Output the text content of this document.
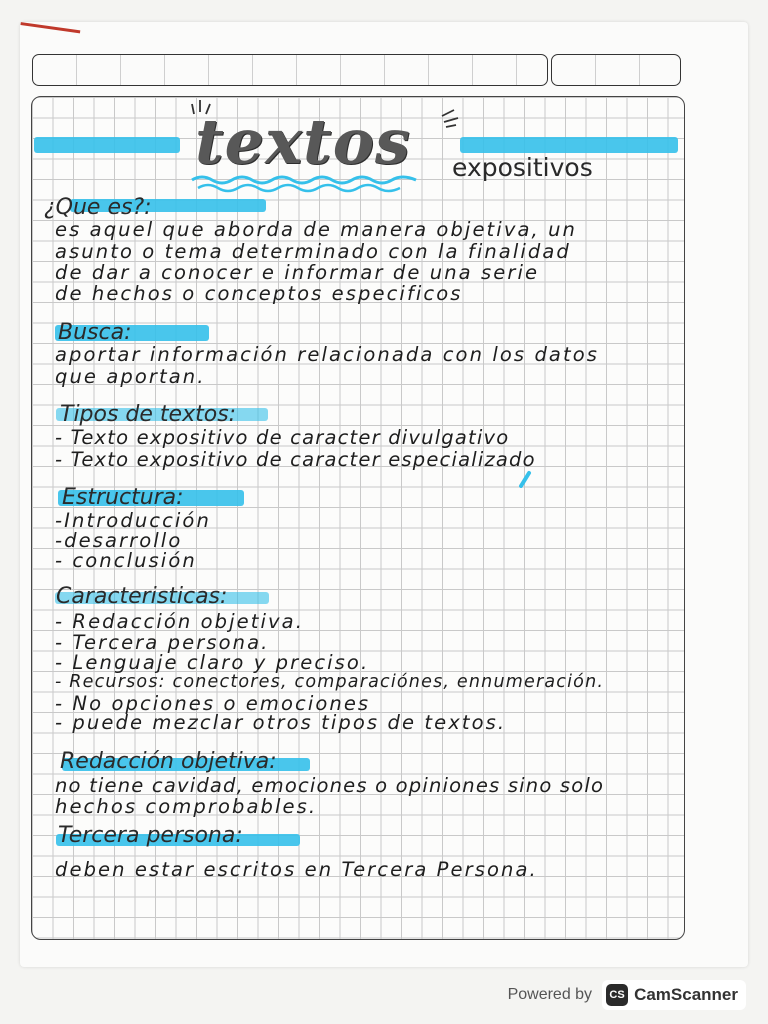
textos expositivos
¿Que es?:
es aquel que aborda de manera objetiva, un
asunto o tema determinado con la finalidad
de dar a conocer e informar de una serie
de hechos o conceptos especificos
Busca:
aportar información relacionada con los datos
que aportan.
Tipos de textos:
- Texto expositivo de caracter divulgativo
- Texto expositivo de caracter especializado
Estructura:
-Introducción
-desarrollo
- conclusión
Caracteristicas:
- Redacción objetiva.
- Tercera persona.
- Lenguaje claro y preciso.
- Recursos: conectores, comparaciónes, ennumeración.
- No opciones o emociones
- puede mezclar otros tipos de textos.
Redacción objetiva:
no tiene cavidad, emociones o opiniones sino solo
hechos comprobables.
Tercera persona:
deben estar escritos en Tercera Persona.
Powered by	CS CamScanner
